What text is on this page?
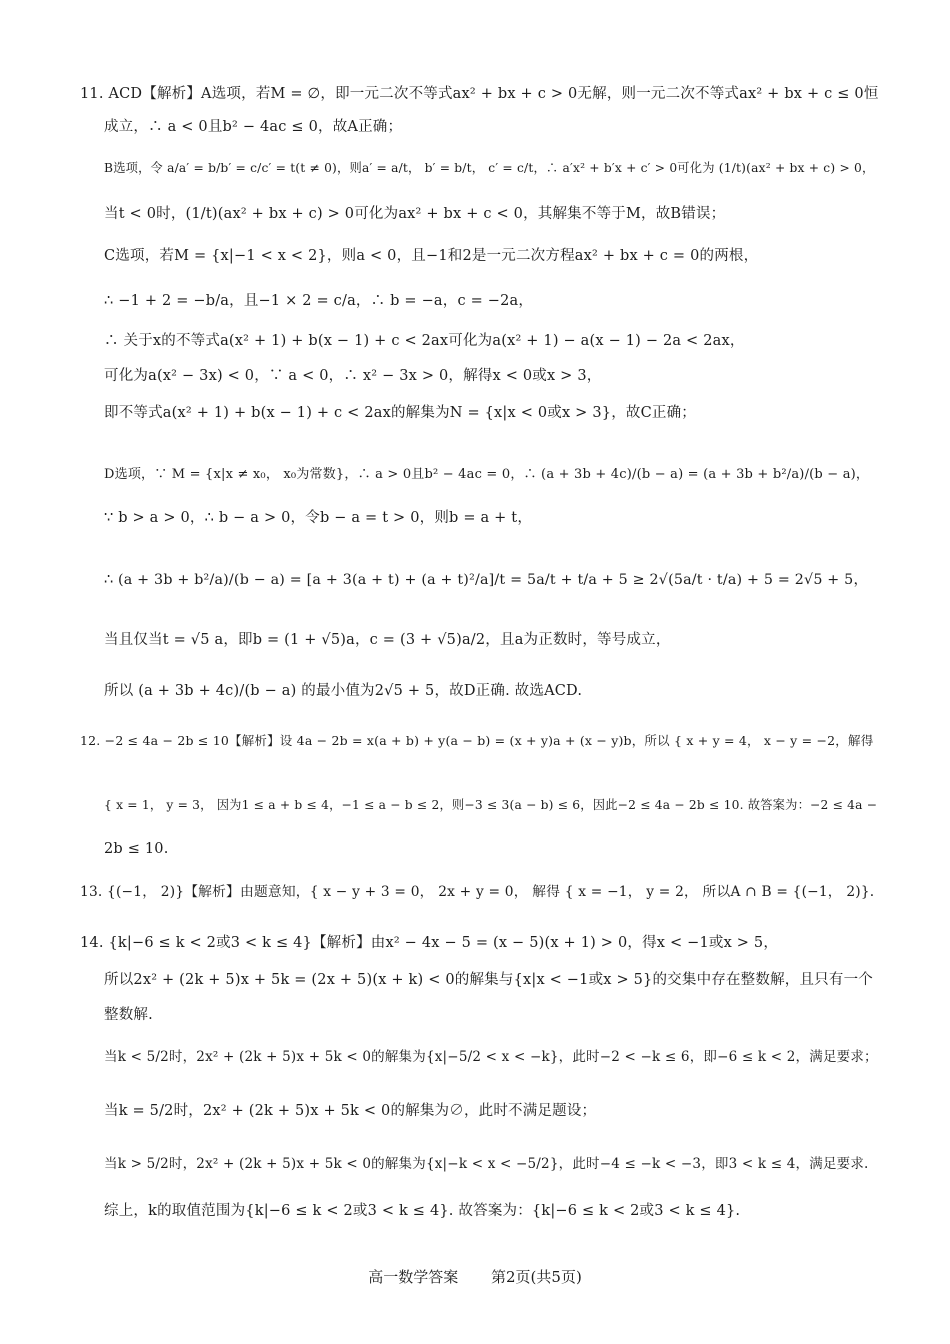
11. ACD【解析】A选项，若M = ∅，即一元二次不等式ax² + bx + c > 0无解，则一元二次不等式ax² + bx + c ≤ 0恒
成立，∴ a < 0且b² − 4ac ≤ 0，故A正确；
B选项，令 a/a′ = b/b′ = c/c′ = t(t ≠ 0)，则a′ = a/t， b′ = b/t， c′ = c/t，∴ a′x² + b′x + c′ > 0可化为 (1/t)(ax² + bx + c) > 0，
当t < 0时，(1/t)(ax² + bx + c) > 0可化为ax² + bx + c < 0，其解集不等于M，故B错误；
C选项，若M = {x|−1 < x < 2}，则a < 0，且−1和2是一元二次方程ax² + bx + c = 0的两根，
∴ −1 + 2 = −b/a，且−1 × 2 = c/a，∴ b = −a，c = −2a，
∴ 关于x的不等式a(x² + 1) + b(x − 1) + c < 2ax可化为a(x² + 1) − a(x − 1) − 2a < 2ax，
可化为a(x² − 3x) < 0，∵ a < 0，∴ x² − 3x > 0，解得x < 0或x > 3，
即不等式a(x² + 1) + b(x − 1) + c < 2ax的解集为N = {x|x < 0或x > 3}，故C正确；
D选项，∵ M = {x|x ≠ x₀， x₀为常数}，∴ a > 0且b² − 4ac = 0，∴ (a + 3b + 4c)/(b − a) = (a + 3b + b²/a)/(b − a)，
∵ b > a > 0，∴ b − a > 0，令b − a = t > 0，则b = a + t，
∴ (a + 3b + b²/a)/(b − a) = [a + 3(a + t) + (a + t)²/a]/t = 5a/t + t/a + 5 ≥ 2√(5a/t · t/a) + 5 = 2√5 + 5，
当且仅当t = √5 a，即b = (1 + √5)a，c = (3 + √5)a/2，且a为正数时，等号成立，
所以 (a + 3b + 4c)/(b − a) 的最小值为2√5 + 5，故D正确. 故选ACD.
12. −2 ≤ 4a − 2b ≤ 10【解析】设 4a − 2b = x(a + b) + y(a − b) = (x + y)a + (x − y)b，所以 { x + y = 4， x − y = −2，解得
{ x = 1， y = 3， 因为1 ≤ a + b ≤ 4，−1 ≤ a − b ≤ 2，则−3 ≤ 3(a − b) ≤ 6，因此−2 ≤ 4a − 2b ≤ 10. 故答案为：−2 ≤ 4a −
2b ≤ 10.
13. {(−1， 2)}【解析】由题意知，{ x − y + 3 = 0， 2x + y = 0， 解得 { x = −1， y = 2， 所以A ∩ B = {(−1， 2)}.
14. {k|−6 ≤ k < 2或3 < k ≤ 4}【解析】由x² − 4x − 5 = (x − 5)(x + 1) > 0，得x < −1或x > 5，
所以2x² + (2k + 5)x + 5k = (2x + 5)(x + k) < 0的解集与{x|x < −1或x > 5}的交集中存在整数解，且只有一个
整数解.
当k < 5/2时，2x² + (2k + 5)x + 5k < 0的解集为{x|−5/2 < x < −k}，此时−2 < −k ≤ 6，即−6 ≤ k < 2，满足要求；
当k = 5/2时，2x² + (2k + 5)x + 5k < 0的解集为∅，此时不满足题设；
当k > 5/2时，2x² + (2k + 5)x + 5k < 0的解集为{x|−k < x < −5/2}，此时−4 ≤ −k < −3，即3 < k ≤ 4，满足要求.
综上，k的取值范围为{k|−6 ≤ k < 2或3 < k ≤ 4}. 故答案为：{k|−6 ≤ k < 2或3 < k ≤ 4}.
高一数学答案 第2页(共5页)
